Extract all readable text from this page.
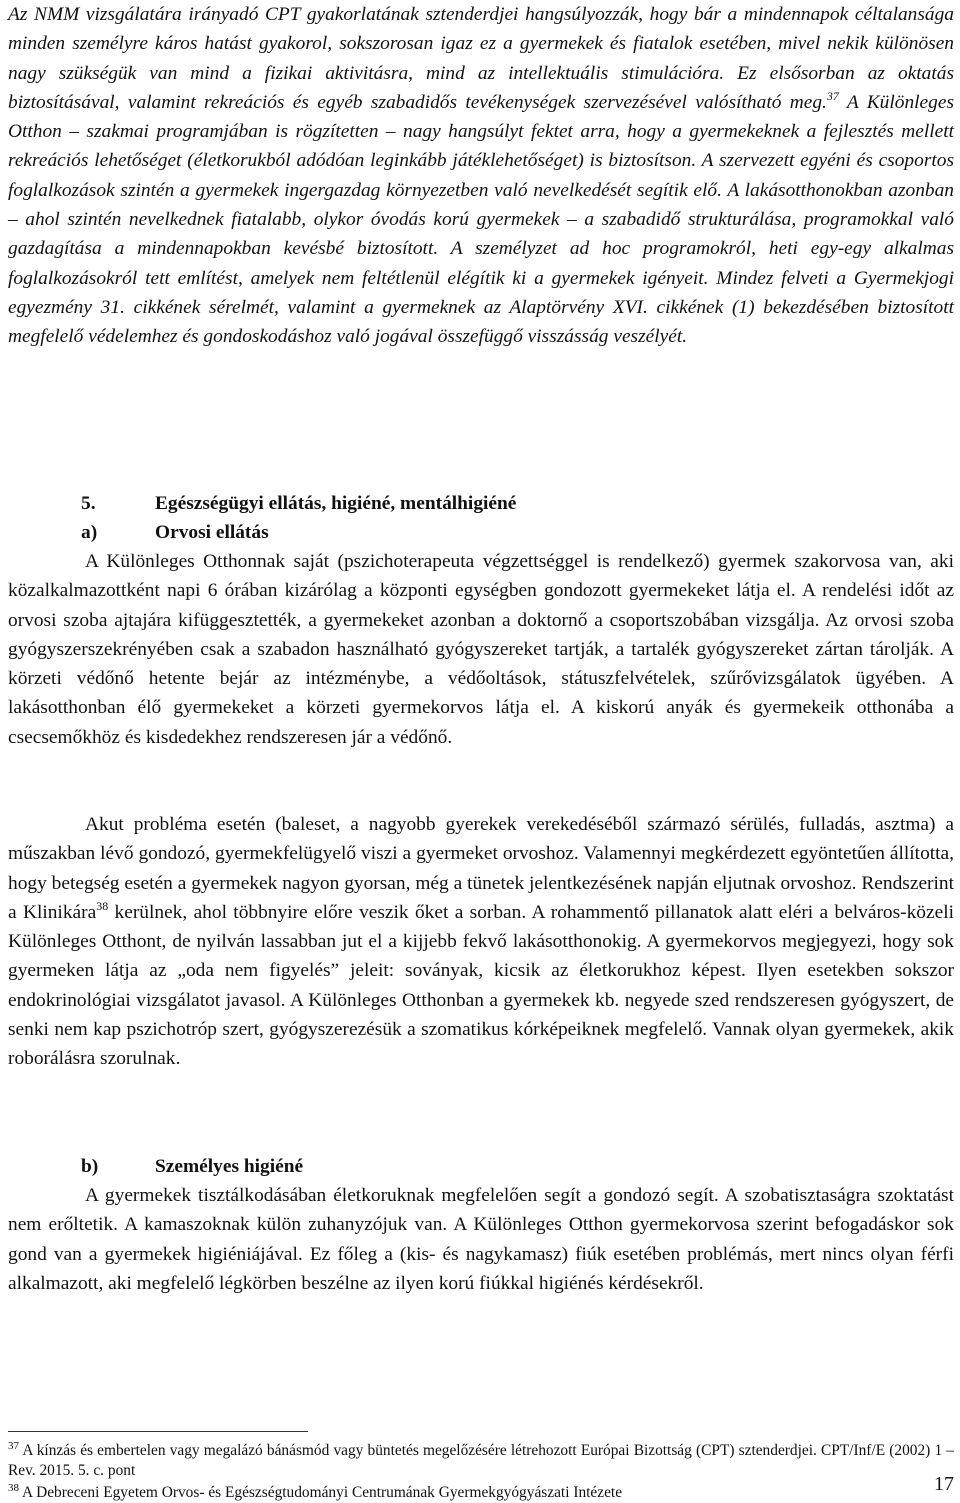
Az NMM vizsgálatára irányadó CPT gyakorlatának sztenderdjei hangsúlyozzák, hogy bár a mindennapok céltalansága minden személyre káros hatást gyakorol, sokszorosan igaz ez a gyermekek és fiatalok esetében, mivel nekik különösen nagy szükségük van mind a fizikai aktivitásra, mind az intellektuális stimulációra. Ez elsősorban az oktatás biztosításával, valamint rekreációs és egyéb szabadidős tevékenységek szervezésével valósítható meg.$^{37}$ A Különleges Otthon – szakmai programjában is rögzítetten – nagy hangsúlyt fektet arra, hogy a gyermekeknek a fejlesztés mellett rekreációs lehetőséget (életkorukból adódóan leginkább játéklehetőséget) is biztosítson. A szervezett egyéni és csoportos foglalkozások szintén a gyermekek ingergazdag környezetben való nevelkedését segítik elő. A lakásotthonokban azonban – ahol szintén nevelkednek fiatalabb, olykor óvodás korú gyermekek – a szabadidő strukturálása, programokkal való gazdagítása a mindennapokban kevésbé biztosított. A személyzet ad hoc programokról, heti egy-egy alkalmas foglalkozásokról tett említést, amelyek nem feltétlenül elégítik ki a gyermekek igényeit. Mindez felveti a Gyermekjogi egyezmény 31. cikkének sérelmét, valamint a gyermeknek az Alaptörvény XVI. cikkének (1) bekezdésében biztosított megfelelő védelemhez és gondoskodáshoz való jogával összefüggő visszásság veszélyét.

5.	Egészségügyi ellátás, higiéné, mentálhigiéné
a)	Orvosi ellátás

A Különleges Otthonnak saját (pszichoterapeuta végzettséggel is rendelkező) gyermek szakorvosa van, aki közalkalmazottként napi 6 órában kizárólag a központi egységben gondozott gyermekeket látja el. A rendelési időt az orvosi szoba ajtajára kifüggesztették, a gyermekeket azonban a doktornő a csoportszobában vizsgálja. Az orvosi szoba gyógyszerszekrényében csak a szabadon használható gyógyszereket tartják, a tartalék gyógyszereket zártan tárolják. A körzeti védőnő hetente bejár az intézménybe, a védőoltások, státuszfelvételek, szűrővizsgálatok ügyében. A lakásotthonban élő gyermekeket a körzeti gyermekorvos látja el. A kiskorú anyák és gyermekeik otthonába a csecsemőkhöz és kisdedekhez rendszeresen jár a védőnő.

Akut probléma esetén (baleset, a nagyobb gyerekek verekedéséből származó sérülés, fulladás, asztma) a műszakban lévő gondozó, gyermekfelügyelő viszi a gyermeket orvoshoz. Valamennyi megkérdezett egyöntetűen állította, hogy betegség esetén a gyermekek nagyon gyorsan, még a tünetek jelentkezésének napján eljutnak orvoshoz. Rendszerint a Klinikára$^{38}$ kerülnek, ahol többnyire előre veszik őket a sorban. A rohammentő pillanatok alatt eléri a belváros-közeli Különleges Otthont, de nyilván lassabban jut el a kijjebb fekvő lakásotthonokig. A gyermekorvos megjegyezi, hogy sok gyermeken látja az „oda nem figyelés” jeleit: soványak, kicsik az életkorukhoz képest. Ilyen esetekben sokszor endokrinológiai vizsgálatot javasol. A Különleges Otthonban a gyermekek kb. negyede szed rendszeresen gyógyszert, de senki nem kap pszichotróp szert, gyógyszerezésük a szomatikus kórképeiknek megfelelő. Vannak olyan gyermekek, akik roborálásra szorulnak.

b)	Személyes higiéné

A gyermekek tisztálkodásában életkoruknak megfelelően segít a gondozó segít. A szobatisztaságra szoktatást nem erőltetik. A kamaszoknak külön zuhanyzójuk van. A Különleges Otthon gyermekorvosa szerint befogadáskor sok gond van a gyermekek higiéniájával. Ez főleg a (kis- és nagykamasz) fiúk esetében problémás, mert nincs olyan férfi alkalmazott, aki megfelelő légkörben beszélne az ilyen korú fiúkkal higiénés kérdésekről.

$^{37}$ A kínzás és embertelen vagy megalázó bánásmód vagy büntetés megelőzésére létrehozott Európai Bizottság (CPT) sztenderdjei. CPT/Inf/E (2002) 1 – Rev. 2015. 5. c. pont

$^{38}$ A Debreceni Egyetem Orvos- és Egészségtudományi Centrumának Gyermekgyógyászati Intézete	17
